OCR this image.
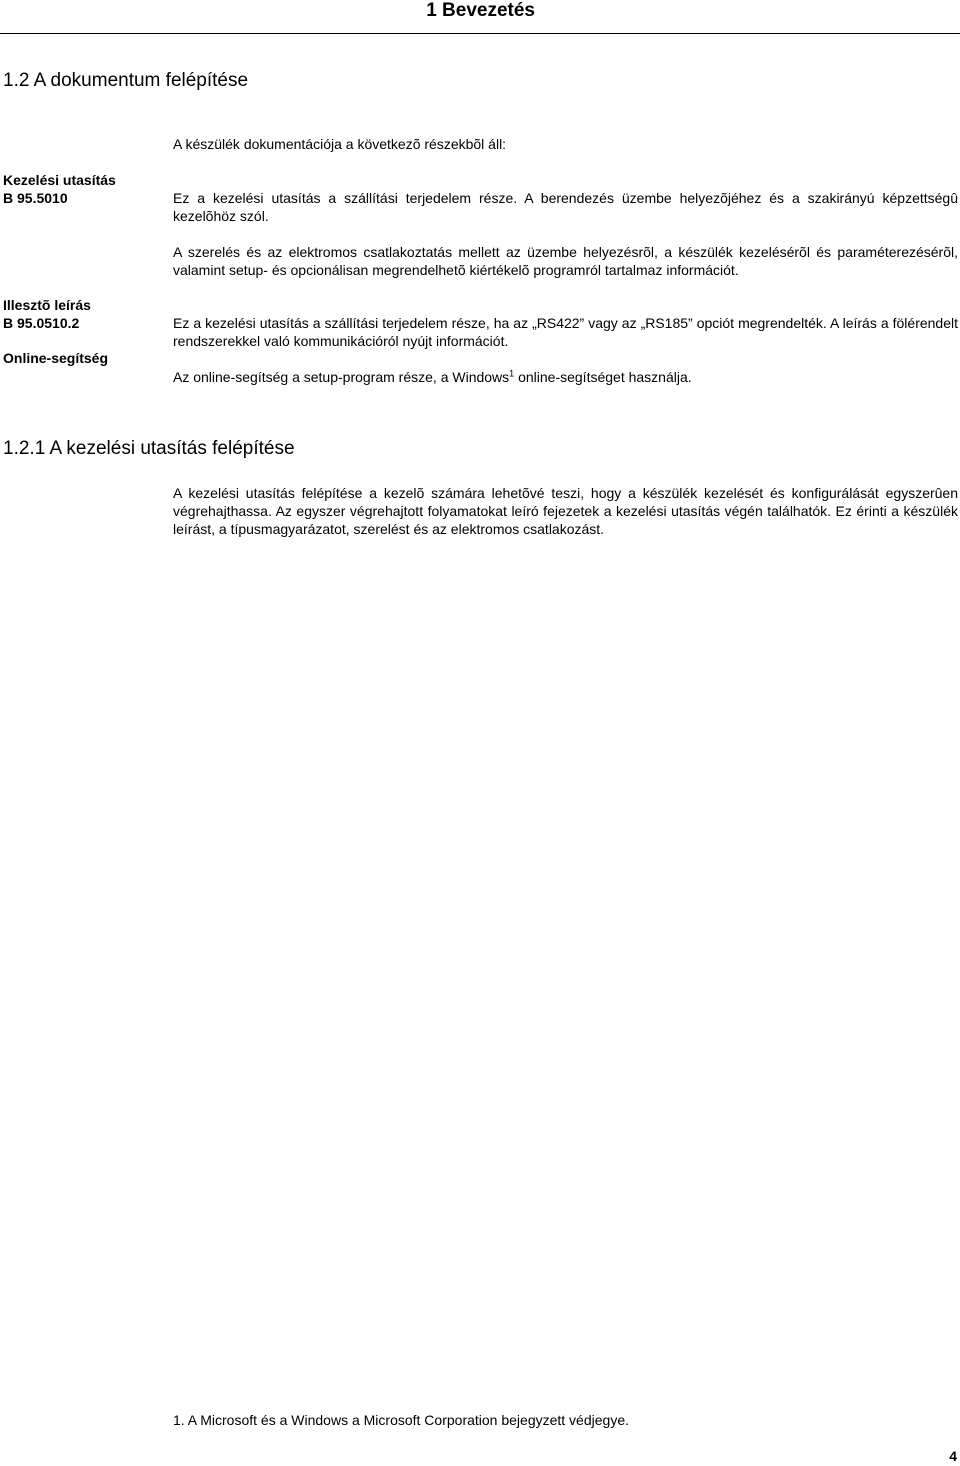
1 Bevezetés
1.2 A dokumentum felépítése

A készülék dokumentációja a következõ részekbõl áll:

Kezelési utasítás
B 95.5010	Ez a kezelési utasítás a szállítási terjedelem része. A berendezés üzembe helyezõjéhez és a szakirányú képzettségû kezelõhöz szól.

A szerelés és az elektromos csatlakoztatás mellett az üzembe helyezésrõl, a készülék kezelésérõl és paraméterezésérõl, valamint setup- és opcionálisan megrendelhetõ kiértékelõ programról tartalmaz információt.

Illesztõ leírás
B 95.0510.2	Ez a kezelési utasítás a szállítási terjedelem része, ha az „RS422” vagy az „RS185” opciót megrendelték. A leírás a fölérendelt rendszerekkel való kommunikációról nyújt információt.

Online-segítség

Az online-segítség a setup-program része, a Windows$^1$ online-segítséget használja.

1.2.1 A kezelési utasítás felépítése

A kezelési utasítás felépítése a kezelõ számára lehetõvé teszi, hogy a készülék kezelését és konfigurálását egyszerûen végrehajthassa. Az egyszer végrehajtott folyamatokat leíró fejezetek a kezelési utasítás végén találhatók. Ez érinti a készülék leírást, a típusmagyarázatot, szerelést és az elektromos csatlakozást.

1. A Microsoft és a Windows a Microsoft Corporation bejegyzett védjegye.
4
